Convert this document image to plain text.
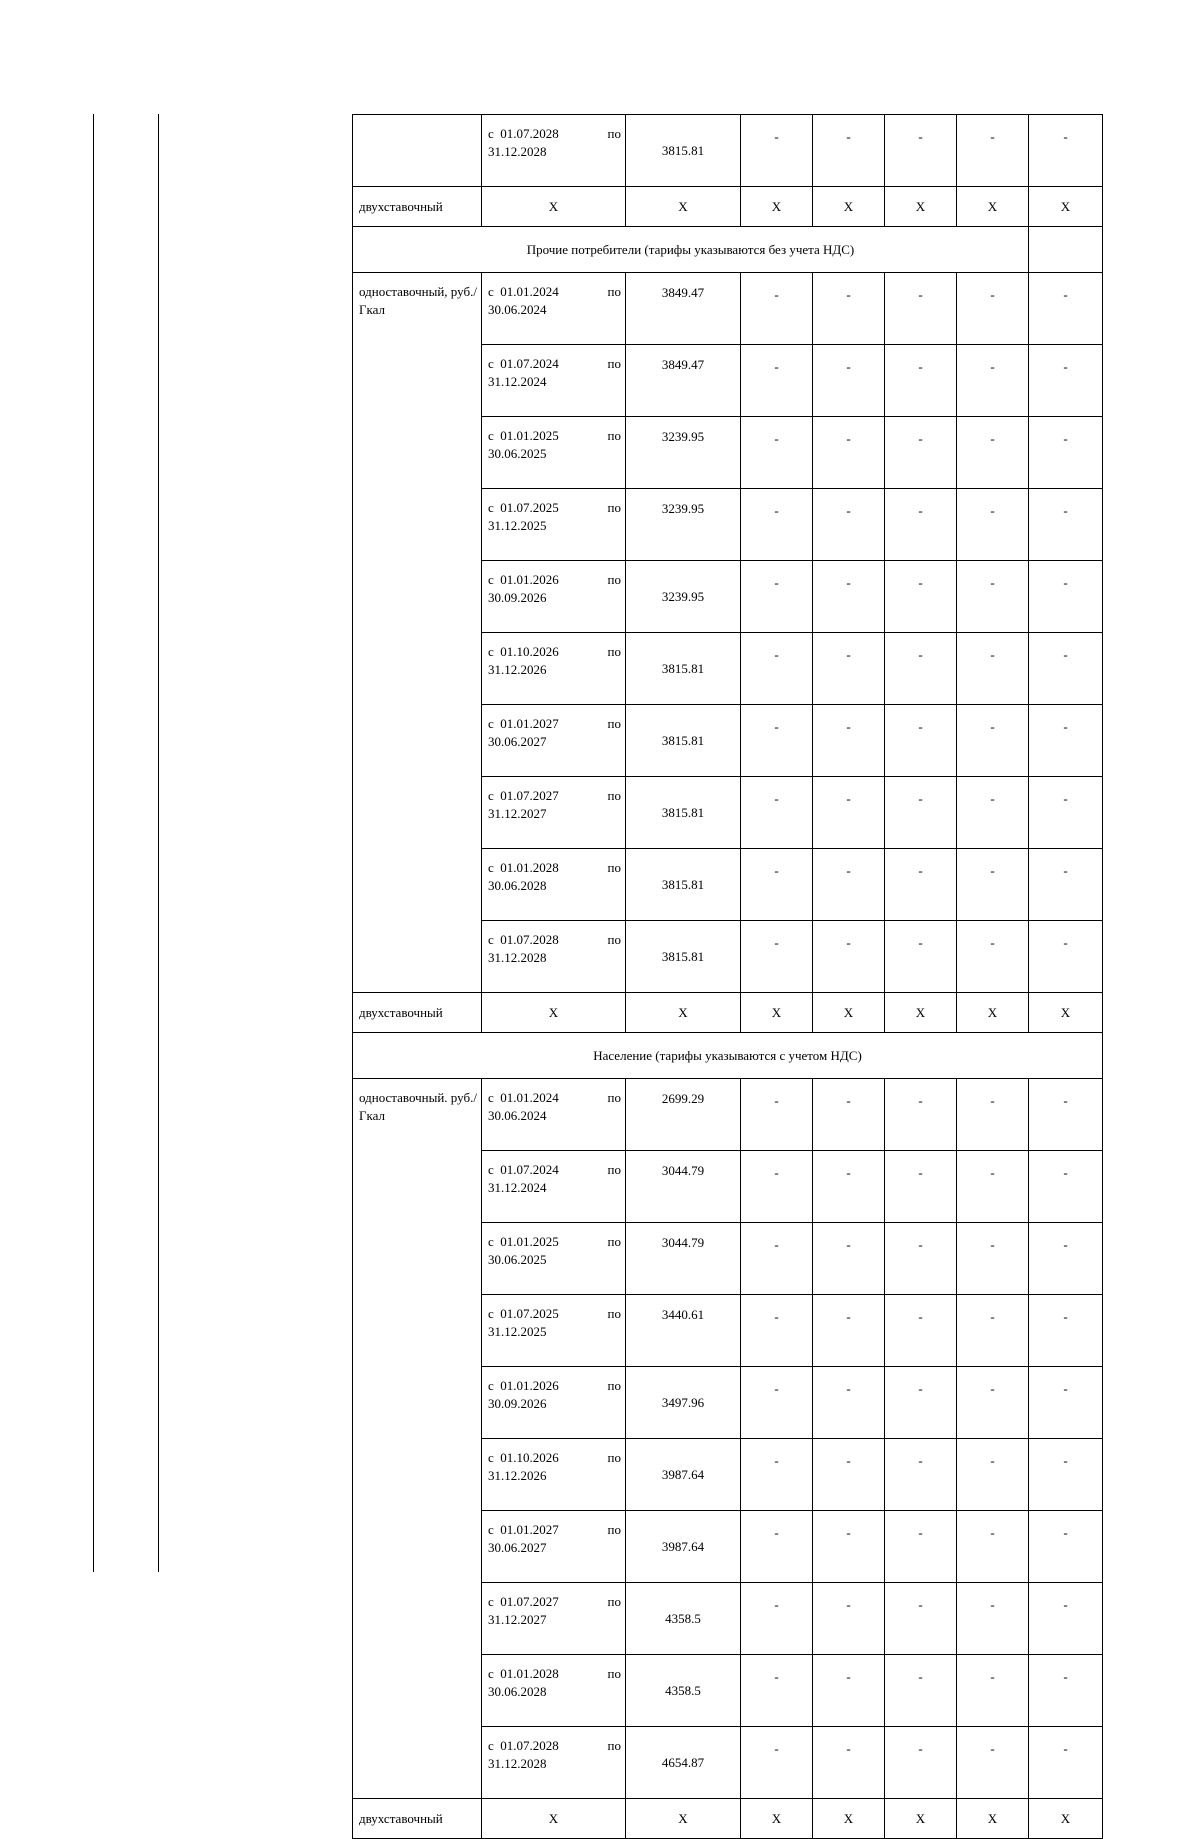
	с 01.07.2028 по
31.12.2028	3815.81	-	-	-	-	-
двухставочный	X	X	X	X	X	X	X
Прочие потребители (тарифы указываются без учета НДС)							
одноставочный, руб./Гкал	с 01.01.2024 по
30.06.2024	3849.47	-	-	-	-	-

	с 01.07.2024 по
31.12.2024	3849.47	-	-	-	-	-

	с 01.01.2025 по
30.06.2025	3239.95	-	-	-	-	-

	с 01.07.2025 по
31.12.2025	3239.95	-	-	-	-	-

	с 01.01.2026 по
30.09.2026	3239.95	-	-	-	-	-

	с 01.10.2026 по
31.12.2026	3815.81	-	-	-	-	-

	с 01.01.2027 по
30.06.2027	3815.81	-	-	-	-	-

	с 01.07.2027 по
31.12.2027	3815.81	-	-	-	-	-

	с 01.01.2028 по
30.06.2028	3815.81	-	-	-	-	-

	с 01.07.2028 по
31.12.2028	3815.81	-	-	-	-	-
двухставочный	X	X	X	X	X	X	X
Население (тарифы указываются с учетом НДС)							
одноставочный. руб./Гкал	с 01.01.2024 по
30.06.2024	2699.29	-	-	-	-	-

	с 01.07.2024 по
31.12.2024	3044.79	-	-	-	-	-

	с 01.01.2025 по
30.06.2025	3044.79	-	-	-	-	-

	с 01.07.2025 по
31.12.2025	3440.61	-	-	-	-	-

	с 01.01.2026 по
30.09.2026	3497.96	-	-	-	-	-

	с 01.10.2026 по
31.12.2026	3987.64	-	-	-	-	-

	с 01.01.2027 по
30.06.2027	3987.64	-	-	-	-	-

	с 01.07.2027 по
31.12.2027	4358.5	-	-	-	-	-

	с 01.01.2028 по
30.06.2028	4358.5	-	-	-	-	-

	с 01.07.2028 по
31.12.2028	4654.87	-	-	-	-	-
двухставочный	X	X	X	X	X	X	X
